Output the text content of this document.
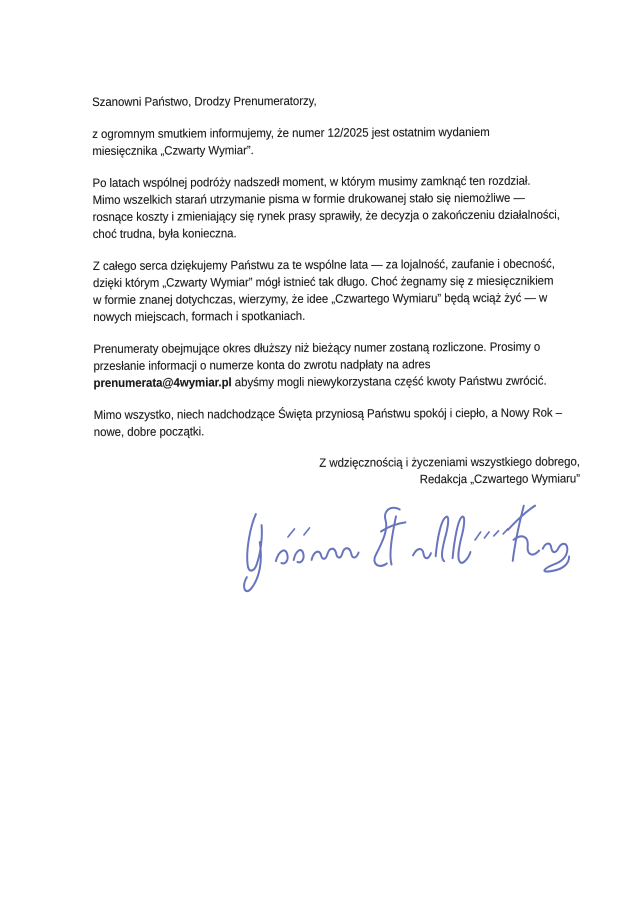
Szanowni Państwo, Drodzy Prenumeratorzy,
z ogromnym smutkiem informujemy, że numer 12/2025 jest ostatnim wydaniem
miesięcznika „Czwarty Wymiar”.
Po latach wspólnej podróży nadszedł moment, w którym musimy zamknąć ten rozdział.
Mimo wszelkich starań utrzymanie pisma w formie drukowanej stało się niemożliwe —
rosnące koszty i zmieniający się rynek prasy sprawiły, że decyzja o zakończeniu działalności,
choć trudna, była konieczna.
Z całego serca dziękujemy Państwu za te wspólne lata — za lojalność, zaufanie i obecność,
dzięki którym „Czwarty Wymiar” mógł istnieć tak długo. Choć żegnamy się z miesięcznikiem
w formie znanej dotychczas, wierzymy, że idee „Czwartego Wymiaru” będą wciąż żyć — w
nowych miejscach, formach i spotkaniach.
Prenumeraty obejmujące okres dłuższy niż bieżący numer zostaną rozliczone. Prosimy o
przesłanie informacji o numerze konta do zwrotu nadpłaty na adres
prenumerata@4wymiar.pl abyśmy mogli niewykorzystana część kwoty Państwu zwrócić.
Mimo wszystko, niech nadchodzące Święta przyniosą Państwu spokój i ciepło, a Nowy Rok –
nowe, dobre początki.
Z wdzięcznością i życzeniami wszystkiego dobrego,
Redakcja „Czwartego Wymiaru”
